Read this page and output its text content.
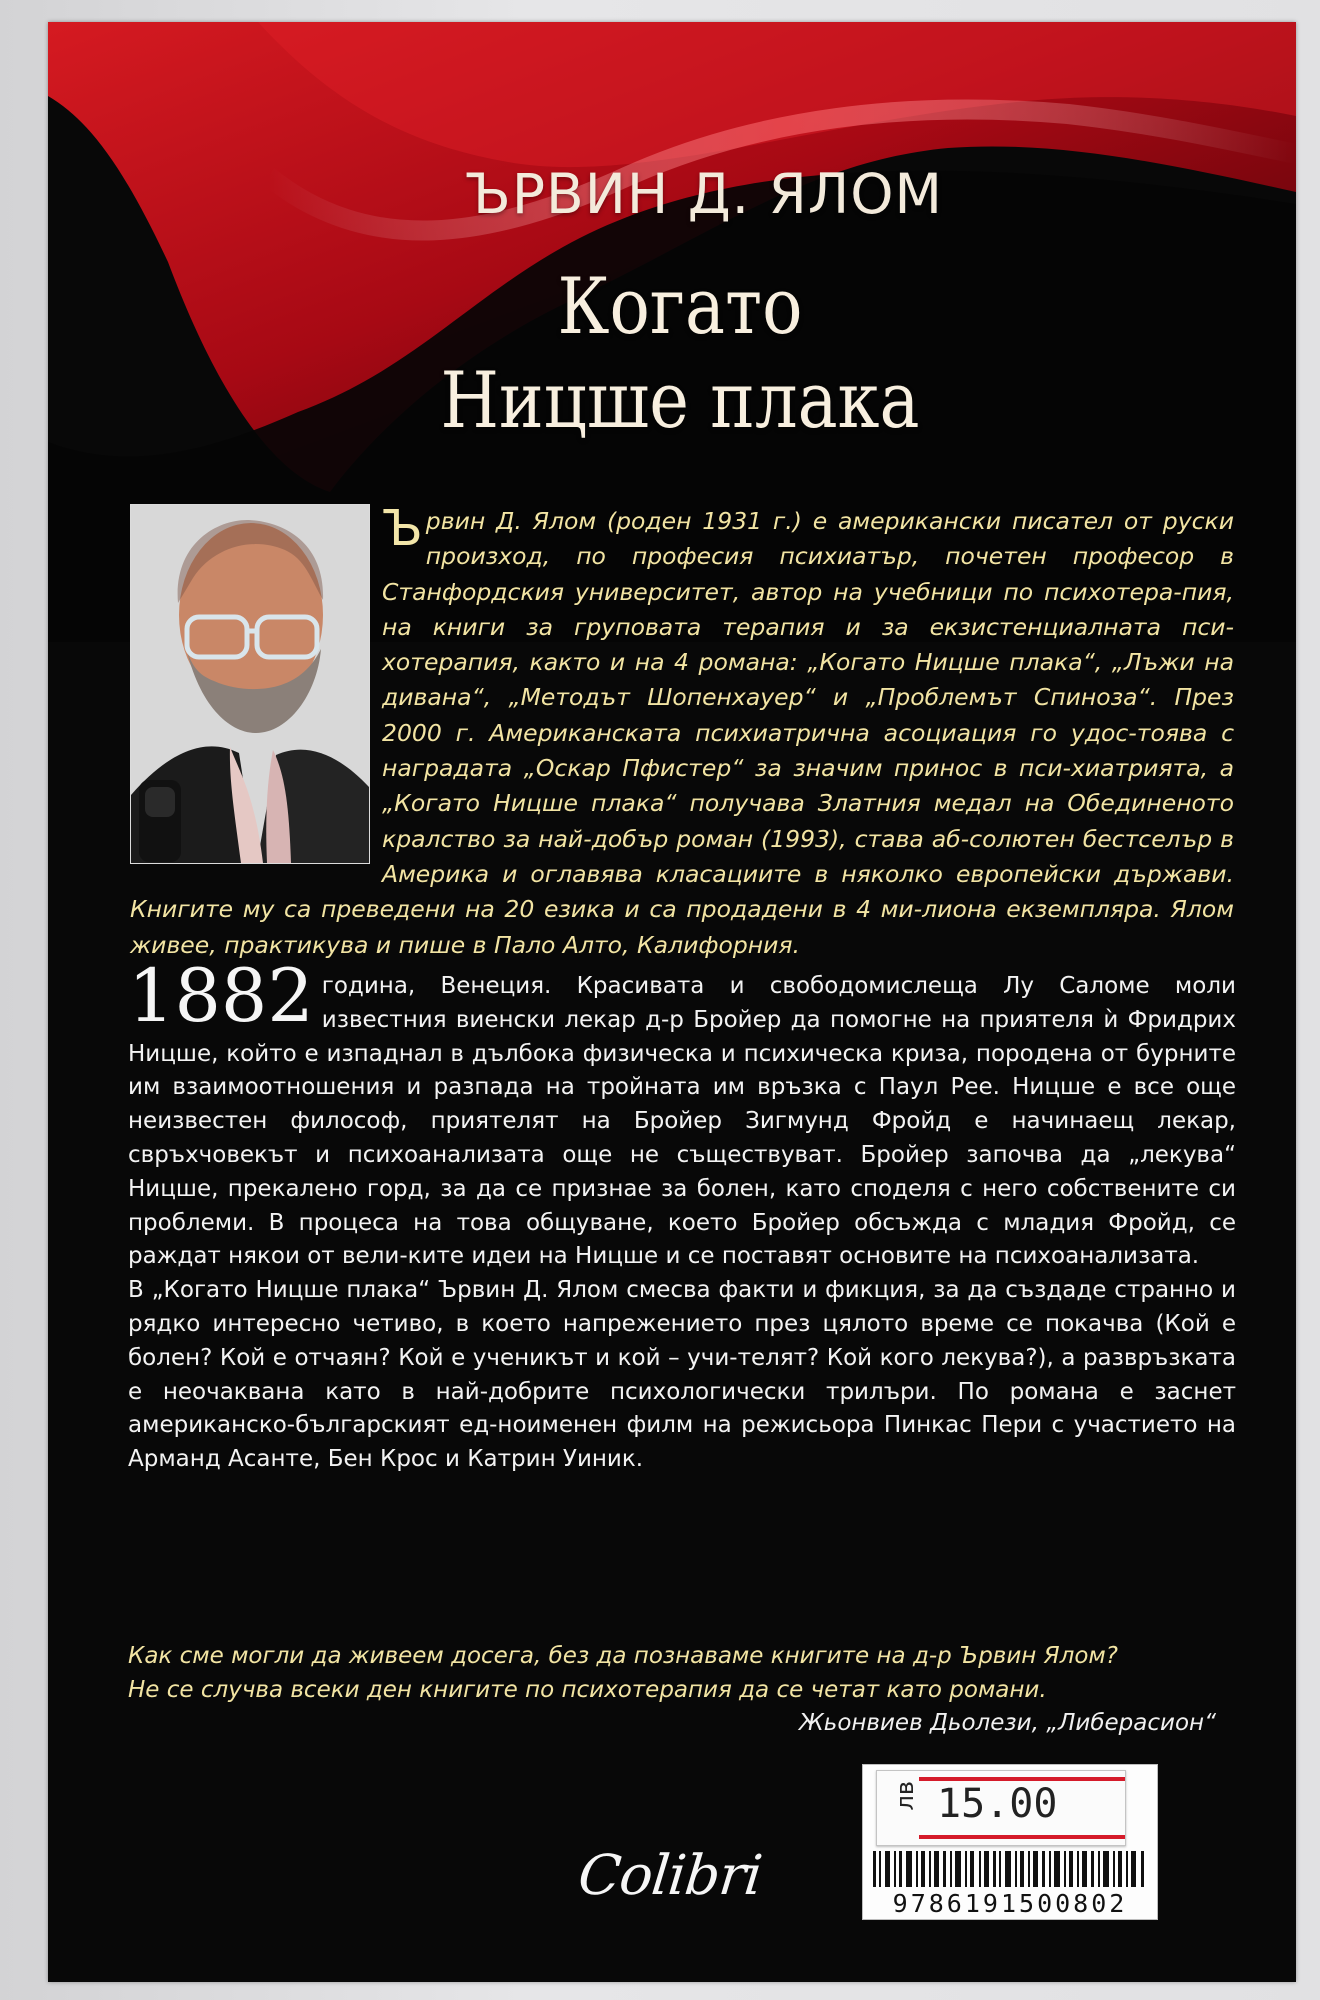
ЪРВИН Д. ЯЛОМ
Когато
Ницше плака
Ъ рвин Д. Ялом (роден 1931 г.) е американски писател от руски произход, по професия психиатър, почетен професор в Станфордския университет, автор на учебници по психотера-пия, на книги за груповата терапия и за екзистенциалната пси-хотерапия, както и на 4 романа: „Когато Ницше плака“, „Лъжи на дивана“, „Методът Шопенхауер“ и „Проблемът Спиноза“. През 2000 г. Американската психиатрична асоциация го удос-тоява с наградата „Оскар Пфистер“ за значим принос в пси-хиатрията, а „Когато Ницше плака“ получава Златния медал на Обединеното кралство за най-добър роман (1993), става аб-солютен бестселър в Америка и оглавява класациите в няколко европейски държави. Книгите му са преведени на 20 езика и са продадени в 4 ми-лиона екземпляра. Ялом живее, практикува и пише в Пало Алто, Калифорния.
1882 година, Венеция. Красивата и свободомислеща Лу Саломе моли известния виенски лекар д-р Бройер да помогне на приятеля ѝ Фридрих Ницше, който е изпаднал в дълбока физическа и психическа криза, породена от бурните им взаимоотношения и разпада на тройната им връзка с Паул Рее. Ницше е все още неизвестен философ, приятелят на Бройер Зигмунд Фройд е начинаещ лекар, свръхчовекът и психоанализата още не съществуват. Бройер започва да „лекува“ Ницше, прекалено горд, за да се признае за болен, като споделя с него собствените си проблеми. В процеса на това общуване, което Бройер обсъжда с младия Фройд, се раждат някои от вели-ките идеи на Ницше и се поставят основите на психоанализата.

В „Когато Ницше плака“ Ървин Д. Ялом смесва факти и фикция, за да създаде странно и рядко интересно четиво, в което напрежението през цялото време се покачва (Кой е болен? Кой е отчаян? Кой е ученикът и кой – учи-телят? Кой кого лекува?), а развръзката е неочаквана като в най-добрите психологически трилъри. По романа е заснет американско-българският ед-ноименен филм на режисьора Пинкас Пери с участието на Арманд Асанте, Бен Крос и Катрин Уиник.

Как сме могли да живеем досега, без да познаваме книгите на д-р Ървин Ялом?
Не се случва всеки ден книгите по психотерапия да се четат като романи.
Жьонвиев Дьолези, „Либерасион“
Colibri	9786191500802
лв 15.00
